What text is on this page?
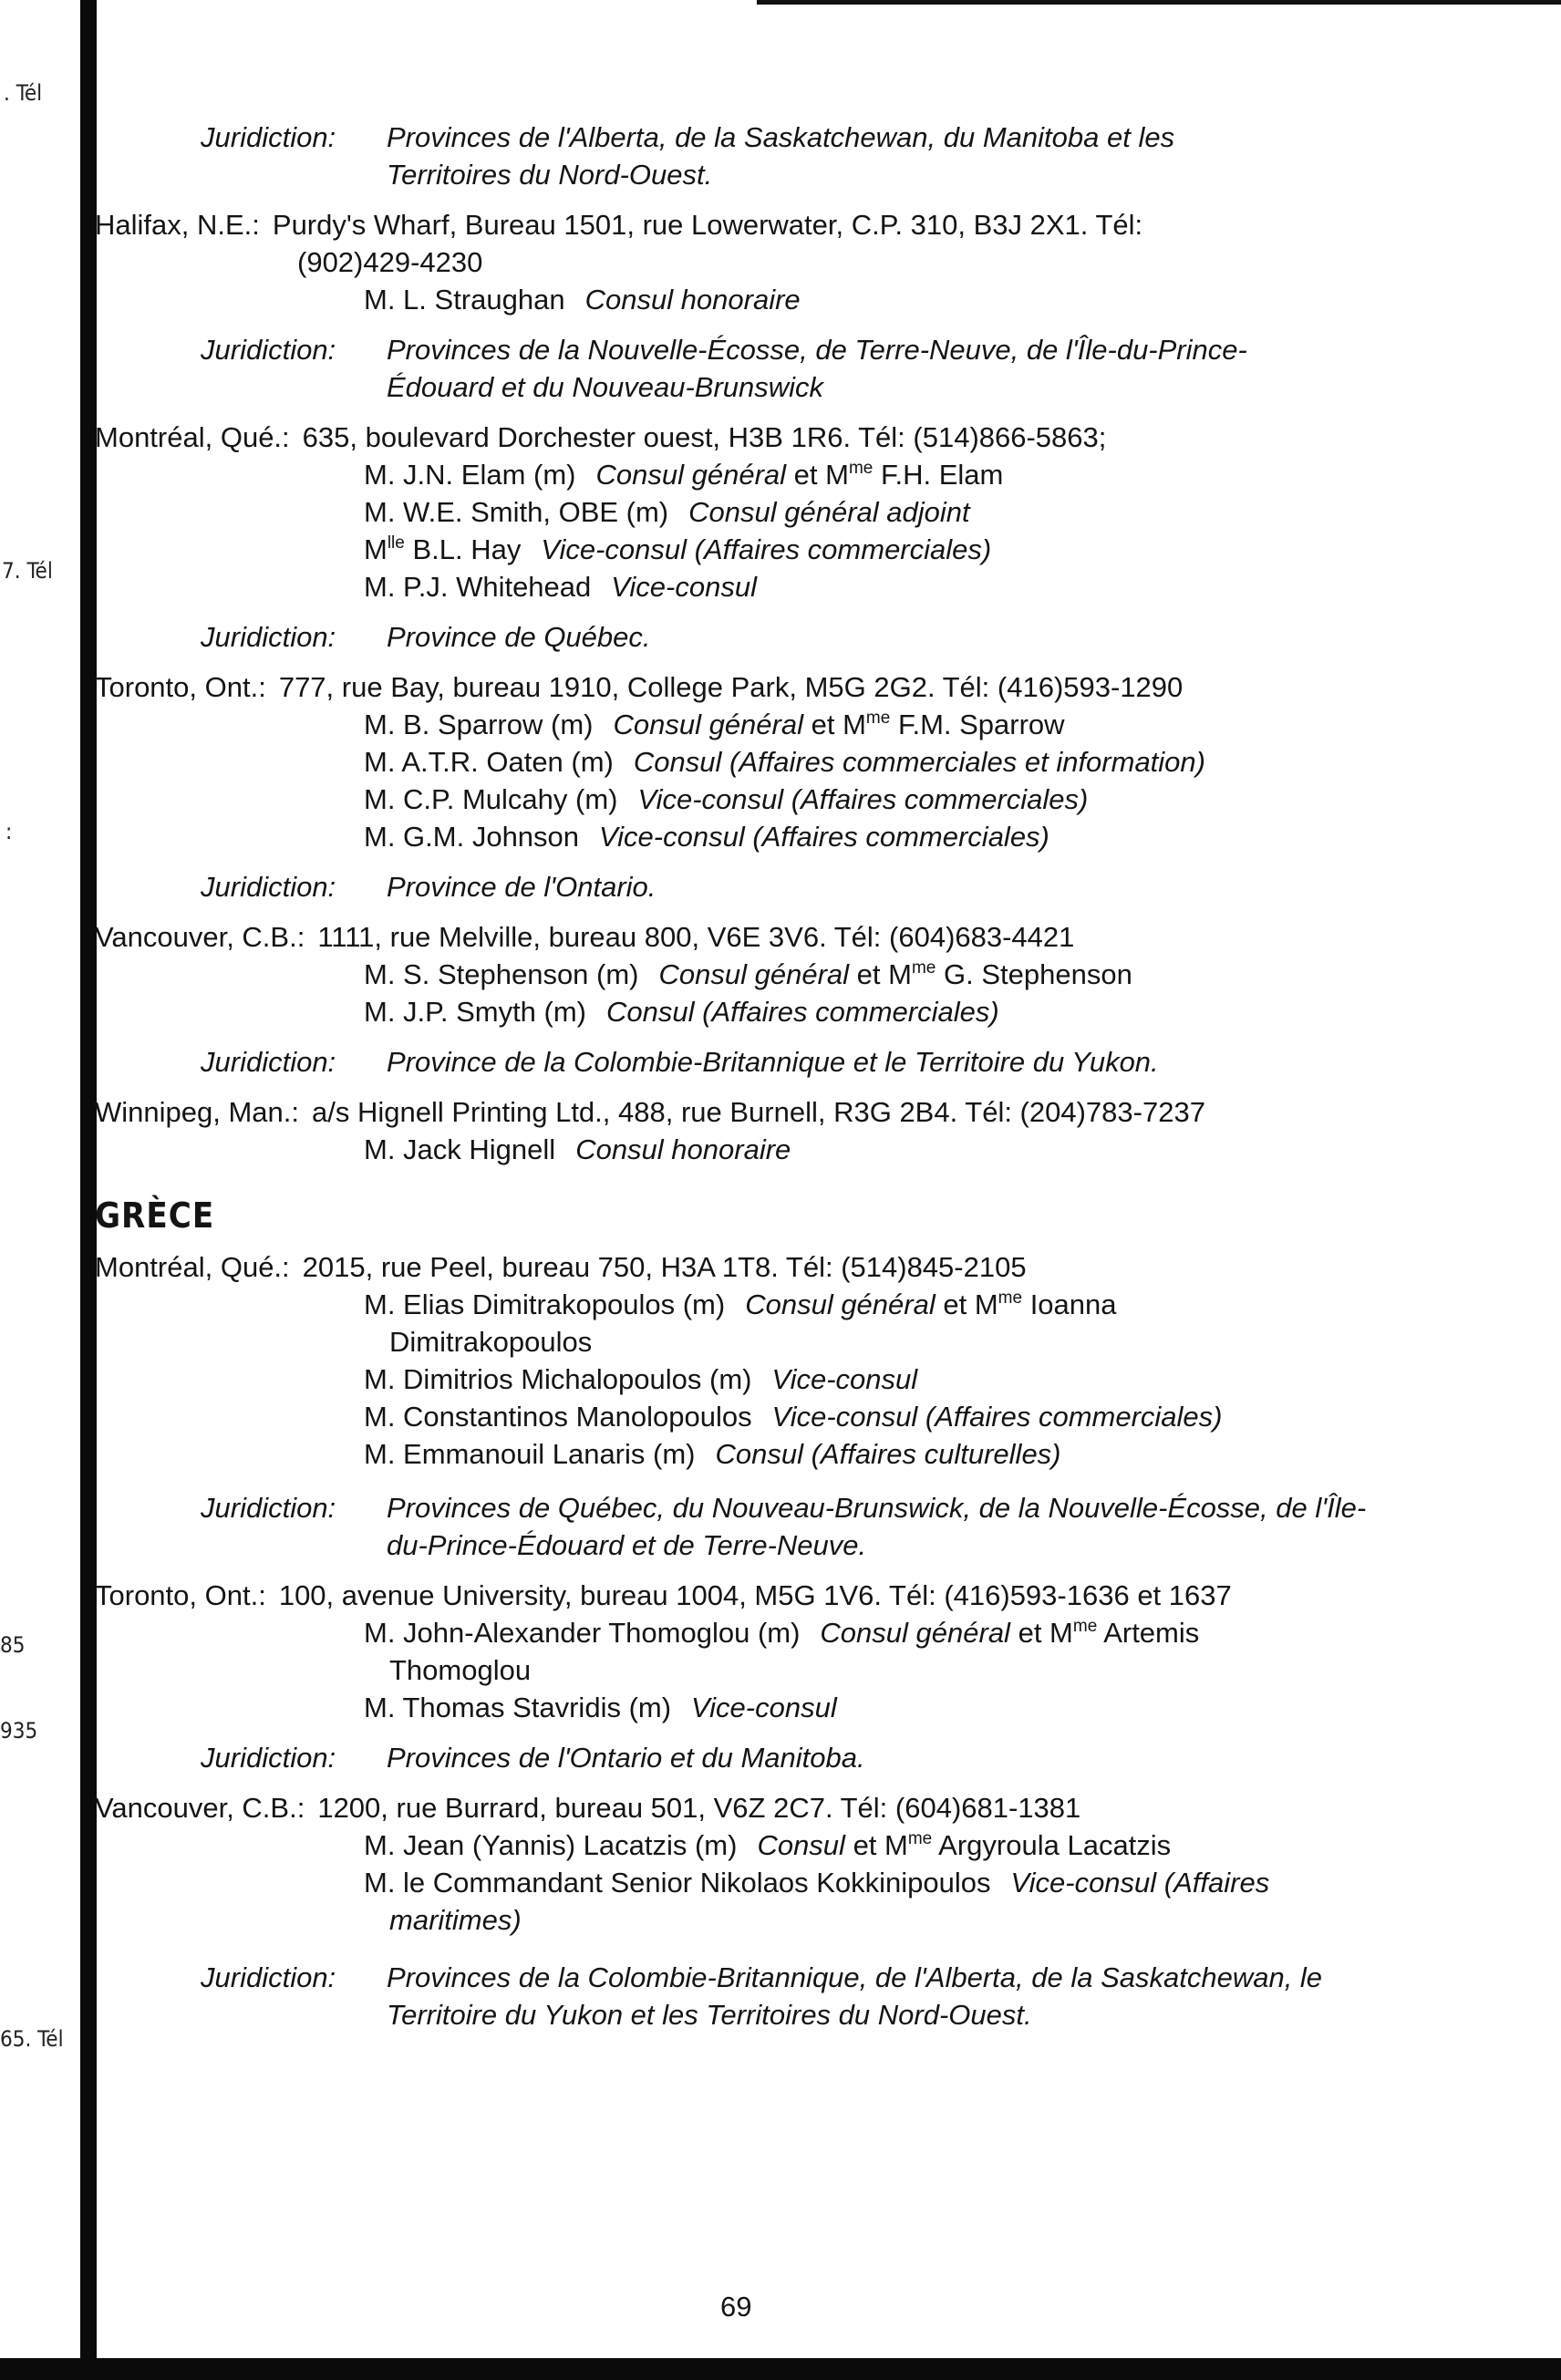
. Tél
7. Tél
:
85
935
65. Tél
Juridiction:	Provinces de l'Alberta, de la Saskatchewan, du Manitoba et les Territoires du Nord-Ouest.
Halifax, N.E.: Purdy's Wharf, Bureau 1501, rue Lowerwater, C.P. 310, B3J 2X1. Tél:
(902)429-4230
M. L. Straughan Consul honoraire
Juridiction:	Provinces de la Nouvelle-Écosse, de Terre-Neuve, de l'Île-du-Prince-Édouard et du Nouveau-Brunswick
Montréal, Qué.: 635, boulevard Dorchester ouest, H3B 1R6. Tél: (514)866-5863;
M. J.N. Elam (m) Consul général et $M^{me}$ F.H. Elam
M. W.E. Smith, OBE (m) Consul général adjoint
$M^{lle}$ B.L. Hay Vice-consul (Affaires commerciales)
M. P.J. Whitehead Vice-consul
Juridiction:	Province de Québec.
Toronto, Ont.: 777, rue Bay, bureau 1910, College Park, M5G 2G2. Tél: (416)593-1290
M. B. Sparrow (m) Consul général et $M^{me}$ F.M. Sparrow
M. A.T.R. Oaten (m) Consul (Affaires commerciales et information)
M. C.P. Mulcahy (m) Vice-consul (Affaires commerciales)
M. G.M. Johnson Vice-consul (Affaires commerciales)
Juridiction:	Province de l'Ontario.
Vancouver, C.B.: 1111, rue Melville, bureau 800, V6E 3V6. Tél: (604)683-4421
M. S. Stephenson (m) Consul général et $M^{me}$ G. Stephenson
M. J.P. Smyth (m) Consul (Affaires commerciales)
Juridiction:	Province de la Colombie-Britannique et le Territoire du Yukon.
Winnipeg, Man.: a/s Hignell Printing Ltd., 488, rue Burnell, R3G 2B4. Tél: (204)783-7237
M. Jack Hignell Consul honoraire
GRÈCE
Montréal, Qué.: 2015, rue Peel, bureau 750, H3A 1T8. Tél: (514)845-2105
M. Elias Dimitrakopoulos (m) Consul général et $M^{me}$ Ioanna
Dimitrakopoulos
M. Dimitrios Michalopoulos (m) Vice-consul
M. Constantinos Manolopoulos Vice-consul (Affaires commerciales)
M. Emmanouil Lanaris (m) Consul (Affaires culturelles)
Juridiction:	Provinces de Québec, du Nouveau-Brunswick, de la Nouvelle-Écosse, de l'Île-du-Prince-Édouard et de Terre-Neuve.
Toronto, Ont.: 100, avenue University, bureau 1004, M5G 1V6. Tél: (416)593-1636 et 1637
M. John-Alexander Thomoglou (m) Consul général et $M^{me}$ Artemis
Thomoglou
M. Thomas Stavridis (m) Vice-consul
Juridiction:	Provinces de l'Ontario et du Manitoba.
Vancouver, C.B.: 1200, rue Burrard, bureau 501, V6Z 2C7. Tél: (604)681-1381
M. Jean (Yannis) Lacatzis (m) Consul et $M^{me}$ Argyroula Lacatzis
M. le Commandant Senior Nikolaos Kokkinipoulos Vice-consul (Affaires
maritimes)
Juridiction:	Provinces de la Colombie-Britannique, de l'Alberta, de la Saskatchewan, le Territoire du Yukon et les Territoires du Nord-Ouest.
69
